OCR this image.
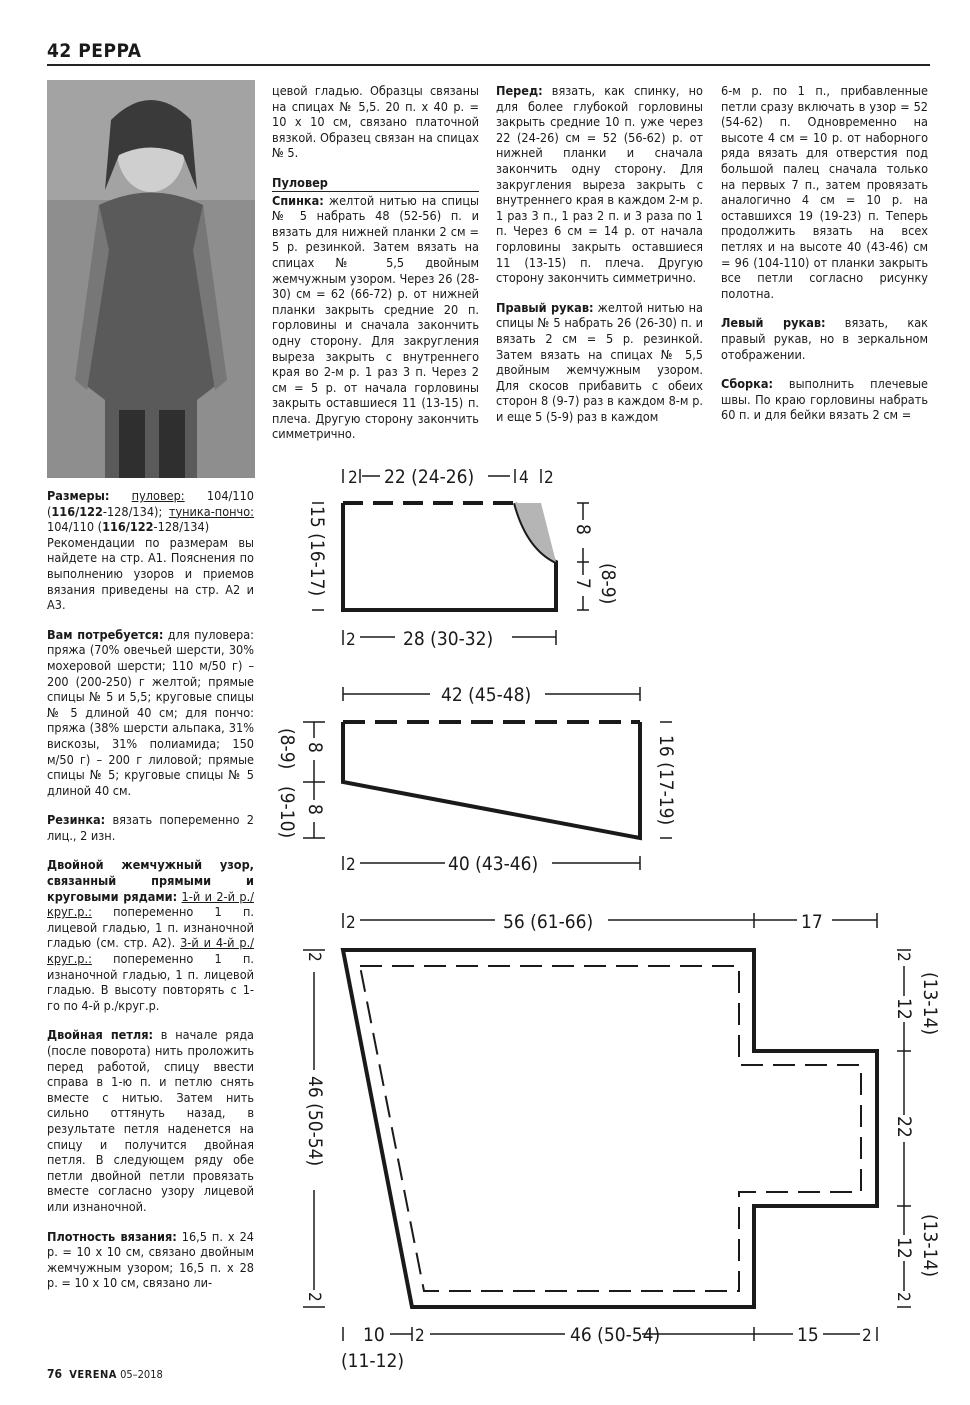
42 PEPPA

Размеры: пуловер: 104/110 (116/122-128/134); туника-пончо: 104/110 (116/122-128/134)
Рекомендации по размерам вы найдете на стр. A1. Пояснения по выполнению узоров и приемов вязания приведены на стр. A2 и A3.

Вам потребуется: для пуловера: пряжа (70% овечьей шерсти, 30% мохеровой шерсти; 110 м/50 г) – 200 (200-250) г желтой; прямые спицы № 5 и 5,5; круговые спицы № 5 длиной 40 см; для пончо: пряжа (38% шерсти альпака, 31% вискозы, 31% полиамида; 150 м/50 г) – 200 г лиловой; прямые спицы № 5; круговые спицы № 5 длиной 40 см.

Резинка: вязать попеременно 2 лиц., 2 изн.

Двойной жемчужный узор, связанный прямыми и круговыми рядами: 1-й и 2-й р./круг.р.: попеременно 1 п. лицевой гладью, 1 п. изнаночной гладью (см. стр. A2). 3-й и 4-й р./круг.р.: попеременно 1 п. изнаночной гладью, 1 п. лицевой гладью. В высоту повторять с 1-го по 4-й р./круг.р.

Двойная петля: в начале ряда (после поворота) нить проложить перед работой, спицу ввести справа в 1-ю п. и петлю снять вместе с нитью. Затем нить сильно оттянуть назад, в результате петля наденется на спицу и получится двойная петля. В следующем ряду обе петли двойной петли провязать вместе согласно узору лицевой или изнаночной.

Плотность вязания: 16,5 п. x 24 р. = 10 x 10 см, связано двойным жемчужным узором; 16,5 п. x 28 р. = 10 x 10 см, связано ли-

цевой гладью. Образцы связаны на спицах № 5,5. 20 п. x 40 р. = 10 x 10 см, связано платочной вязкой. Образец связан на спицах № 5.

Пуловер

Спинка: желтой нитью на спицы № 5 набрать 48 (52-56) п. и вязать для нижней планки 2 см = 5 р. резинкой. Затем вязать на спицах № 5,5 двойным жемчужным узором. Через 26 (28-30) см = 62 (66-72) р. от нижней планки закрыть средние 20 п. горловины и сначала закончить одну сторону. Для закругления выреза закрыть с внутреннего края во 2-м р. 1 раз 3 п. Через 2 см = 5 р. от начала горловины закрыть оставшиеся 11 (13-15) п. плеча. Другую сторону закончить симметрично.

Перед: вязать, как спинку, но для более глубокой горловины закрыть средние 10 п. уже через 22 (24-26) см = 52 (56-62) р. от нижней планки и сначала закончить одну сторону. Для закругления выреза закрыть с внутреннего края в каждом 2-м р. 1 раз 3 п., 1 раз 2 п. и 3 раза по 1 п. Через 6 см = 14 р. от начала горловины закрыть оставшиеся 11 (13-15) п. плеча. Другую сторону закончить симметрично.

Правый рукав: желтой нитью на спицы № 5 набрать 26 (26-30) п. и вязать 2 см = 5 р. резинкой. Затем вязать на спицах № 5,5 двойным жемчужным узором. Для скосов прибавить с обеих сторон 8 (9-7) раз в каждом 8-м р. и еще 5 (5-9) раз в каждом

6-м р. по 1 п., прибавленные петли сразу включать в узор = 52 (54-62) п. Одновременно на высоте 4 см = 10 р. от наборного ряда вязать для отверстия под большой палец сначала только на первых 7 п., затем провязать аналогично 4 см = 10 р. на оставшихся 19 (19-23) п. Теперь продолжить вязать на всех петлях и на высоте 40 (43-46) см = 96 (104-110) от планки закрыть все петли согласно рисунку полотна.

Левый рукав: вязать, как правый рукав, но в зеркальном отображении.

Сборка: выполнить плечевые швы. По краю горловины набрать 60 п. и для бейки вязать 2 см =

2 22 (24-26)	4 2
15 (16-17)	8
7 (8-9)
2 28 (30-32)
42 (45-48)
8
8
(8-9)
(9-10)	16 (17-19)
2	40 (43-46)
2	56 (61-66)	17
2
46 (50-54)
2
2
12 (13-14)
22
12 (13-14)
2
10
(11-12)
2	46 (50-54)	15	2
76 VERENA 05–2018
